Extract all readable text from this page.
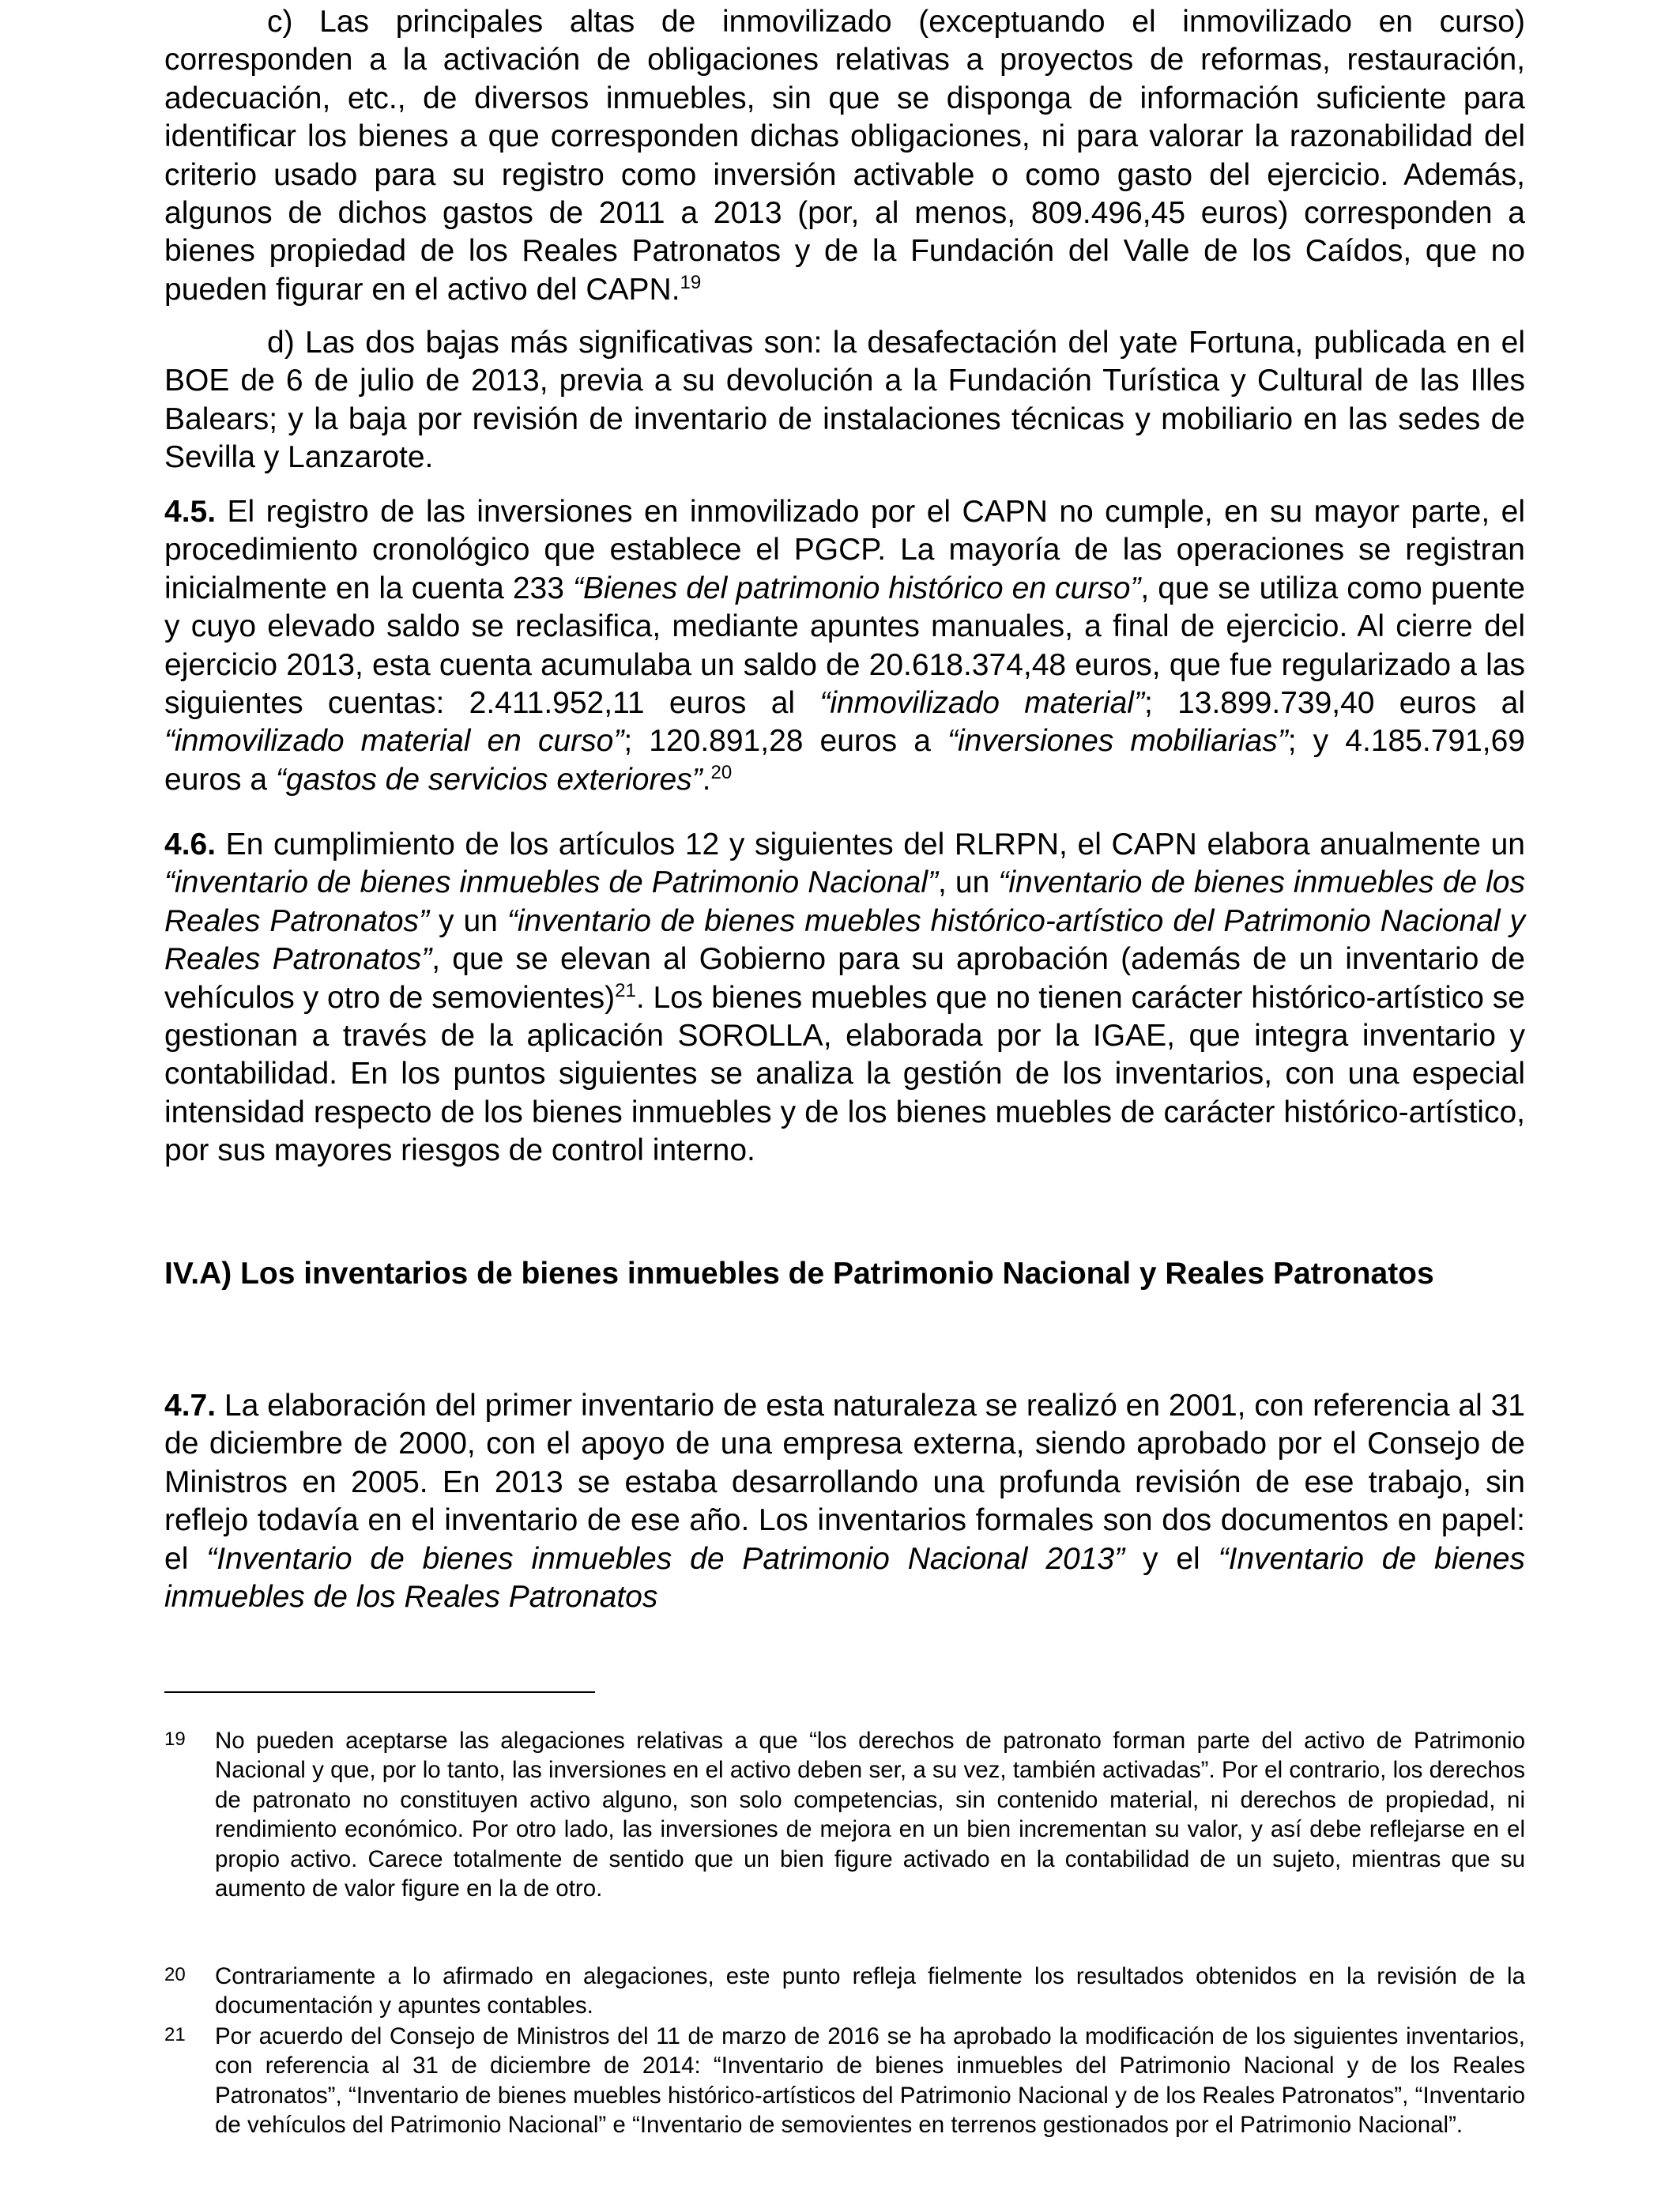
c) Las principales altas de inmovilizado (exceptuando el inmovilizado en curso) corresponden a la activación de obligaciones relativas a proyectos de reformas, restauración, adecuación, etc., de diversos inmuebles, sin que se disponga de información suficiente para identificar los bienes a que corresponden dichas obligaciones, ni para valorar la razonabilidad del criterio usado para su registro como inversión activable o como gasto del ejercicio. Además, algunos de dichos gastos de 2011 a 2013 (por, al menos, 809.496,45 euros) corresponden a bienes propiedad de los Reales Patronatos y de la Fundación del Valle de los Caídos, que no pueden figurar en el activo del CAPN.$^{19}$

d) Las dos bajas más significativas son: la desafectación del yate Fortuna, publicada en el BOE de 6 de julio de 2013, previa a su devolución a la Fundación Turística y Cultural de las Illes Balears; y la baja por revisión de inventario de instalaciones técnicas y mobiliario en las sedes de Sevilla y Lanzarote.

4.5. El registro de las inversiones en inmovilizado por el CAPN no cumple, en su mayor parte, el procedimiento cronológico que establece el PGCP. La mayoría de las operaciones se registran inicialmente en la cuenta 233 “Bienes del patrimonio histórico en curso”, que se utiliza como puente y cuyo elevado saldo se reclasifica, mediante apuntes manuales, a final de ejercicio. Al cierre del ejercicio 2013, esta cuenta acumulaba un saldo de 20.618.374,48 euros, que fue regularizado a las siguientes cuentas: 2.411.952,11 euros al “inmovilizado material”; 13.899.739,40 euros al “inmovilizado material en curso”; 120.891,28 euros a “inversiones mobiliarias”; y 4.185.791,69 euros a “gastos de servicios exteriores”.$^{20}$

4.6. En cumplimiento de los artículos 12 y siguientes del RLRPN, el CAPN elabora anualmente un “inventario de bienes inmuebles de Patrimonio Nacional”, un “inventario de bienes inmuebles de los Reales Patronatos” y un “inventario de bienes muebles histórico-artístico del Patrimonio Nacional y Reales Patronatos”, que se elevan al Gobierno para su aprobación (además de un inventario de vehículos y otro de semovientes)$^{21}$. Los bienes muebles que no tienen carácter histórico-artístico se gestionan a través de la aplicación SOROLLA, elaborada por la IGAE, que integra inventario y contabilidad. En los puntos siguientes se analiza la gestión de los inventarios, con una especial intensidad respecto de los bienes inmuebles y de los bienes muebles de carácter histórico-artístico, por sus mayores riesgos de control interno.

IV.A) Los inventarios de bienes inmuebles de Patrimonio Nacional y Reales Patronatos

4.7. La elaboración del primer inventario de esta naturaleza se realizó en 2001, con referencia al 31 de diciembre de 2000, con el apoyo de una empresa externa, siendo aprobado por el Consejo de Ministros en 2005. En 2013 se estaba desarrollando una profunda revisión de ese trabajo, sin reflejo todavía en el inventario de ese año. Los inventarios formales son dos documentos en papel: el “Inventario de bienes inmuebles de Patrimonio Nacional 2013” y el “Inventario de bienes inmuebles de los Reales Patronatos

19 No pueden aceptarse las alegaciones relativas a que “los derechos de patronato forman parte del activo de Patrimonio Nacional y que, por lo tanto, las inversiones en el activo deben ser, a su vez, también activadas”. Por el contrario, los derechos de patronato no constituyen activo alguno, son solo competencias, sin contenido material, ni derechos de propiedad, ni rendimiento económico. Por otro lado, las inversiones de mejora en un bien incrementan su valor, y así debe reflejarse en el propio activo. Carece totalmente de sentido que un bien figure activado en la contabilidad de un sujeto, mientras que su aumento de valor figure en la de otro.
20 Contrariamente a lo afirmado en alegaciones, este punto refleja fielmente los resultados obtenidos en la revisión de la documentación y apuntes contables.
21 Por acuerdo del Consejo de Ministros del 11 de marzo de 2016 se ha aprobado la modificación de los siguientes inventarios, con referencia al 31 de diciembre de 2014: “Inventario de bienes inmuebles del Patrimonio Nacional y de los Reales Patronatos”, “Inventario de bienes muebles histórico-artísticos del Patrimonio Nacional y de los Reales Patronatos”, “Inventario de vehículos del Patrimonio Nacional” e “Inventario de semovientes en terrenos gestionados por el Patrimonio Nacional”.
